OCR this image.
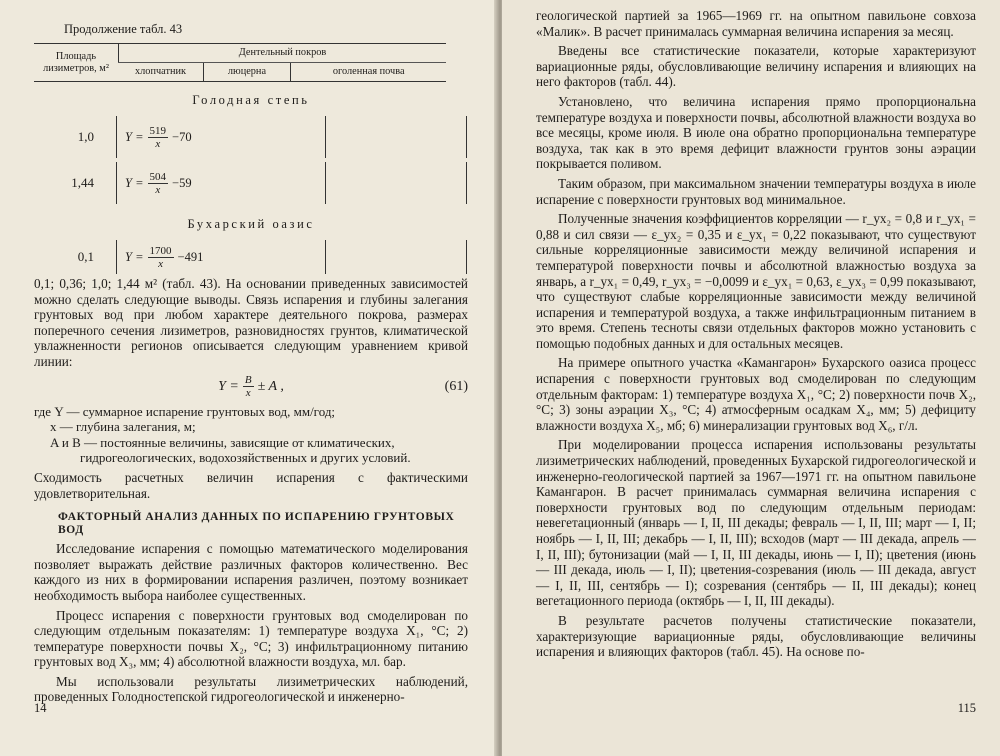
Продолжение табл. 43
Площадь лизиметров, м²	Дентельный покров		
	хлопчатник	люцерна	оголенная почва
Голодная степь
1,0	$Y = \frac{519}{x} -70$
1,44	$Y = \frac{504}{x} -59$
Бухарский оазис
0,1	$Y = \frac{1700}{x} -491$

0,1; 0,36; 1,0; 1,44 м² (табл. 43). На основании приведенных зависимостей можно сделать следующие выводы. Связь испарения и глубины залегания грунтовых вод при любом характере деятельного покрова, размерах поперечного сечения лизиметров, разновидностях грунтов, климатической увлажненности регионов описывается следующим уравнением кривой линии:

$Y = \frac{B}{x} \pm A$ ,	(61)
где Y — суммарное испарение грунтовых вод, мм/год;
x — глубина залегания, м;
A и B — постоянные величины, зависящие от климатических, гидрогеологических, водохозяйственных и других условий.

Сходимость расчетных величин испарения с фактическими удовлетворительная.

ФАКТОРНЫЙ АНАЛИЗ ДАННЫХ ПО ИСПАРЕНИЮ ГРУНТОВЫХ ВОД

Исследование испарения с помощью математического моделирования позволяет выражать действие различных факторов количественно. Вес каждого из них в формировании испарения различен, поэтому возникает необходимость выбора наиболее существенных.

Процесс испарения с поверхности грунтовых вод смоделирован по следующим отдельным показателям: 1) температуре воздуха X₁, °C; 2) температуре поверхности почвы X₂, °C; 3) инфильтрационному питанию грунтовых вод X₃, мм; 4) абсолютной влажности воздуха, мл. бар.

Мы использовали результаты лизиметрических наблюдений, проведенных Голодностепской гидрогеологической и инженерно-

14

геологической партией за 1965—1969 гг. на опытном павильоне совхоза «Малик». В расчет принималась суммарная величина испарения за месяц.

Введены все статистические показатели, которые характеризуют вариационные ряды, обусловливающие величину испарения и влияющих на него факторов (табл. 44).

Установлено, что величина испарения прямо пропорциональна температуре воздуха и поверхности почвы, абсолютной влажности воздуха во все месяцы, кроме июля. В июле она обратно пропорциональна температуре воздуха, так как в это время дефицит влажности грунтов зоны аэрации покрывается поливом.

Таким образом, при максимальном значении температуры воздуха в июле испарение с поверхности грунтовых вод минимальное.

Полученные значения коэффициентов корреляции — r_yx₂ = 0,8 и r_yx₁ = 0,88 и сил связи — ε_yx₂ = 0,35 и ε_yx₁ = 0,22 показывают, что существуют сильные корреляционные зависимости между величиной испарения и температурой поверхности почвы и абсолютной влажностью воздуха за январь, а r_yx₁ = 0,49, r_yx₃ = −0,0099 и ε_yx₁ = 0,63, ε_yx₃ = 0,99 показывают, что существуют слабые корреляционные зависимости между величиной испарения и температурой воздуха, а также инфильтрационным питанием в это время. Степень тесноты связи отдельных факторов можно установить с помощью подобных данных и для остальных месяцев.

На примере опытного участка «Камангарон» Бухарского оазиса процесс испарения с поверхности грунтовых вод смоделирован по следующим отдельным факторам: 1) температуре воздуха X₁, °C; 2) поверхности почв X₂, °C; 3) зоны аэрации X₃, °C; 4) атмосферным осадкам X₄, мм; 5) дефициту влажности воздуха X₅, мб; 6) минерализации грунтовых вод X₆, г/л.

При моделировании процесса испарения использованы результаты лизиметрических наблюдений, проведенных Бухарской гидрогеологической и инженерно-геологической партией за 1967—1971 гг. на опытном павильоне Камангарон. В расчет принималась суммарная величина испарения с поверхности грунтовых вод по следующим отдельным периодам: невегетационный (январь — I, II, III декады; февраль — I, II, III; март — I, II; ноябрь — I, II, III; декабрь — I, II, III); всходов (март — III декада, апрель — I, II, III); бутонизации (май — I, II, III декады, июнь — I, II); цветения (июнь — III декада, июль — I, II); цветения-созревания (июль — III декада, август — I, II, III, сентябрь — I); созревания (сентябрь — II, III декады); конец вегетационного периода (октябрь — I, II, III декады).

В результате расчетов получены статистические показатели, характеризующие вариационные ряды, обусловливающие величины испарения и влияющих факторов (табл. 45). На основе по-

115
